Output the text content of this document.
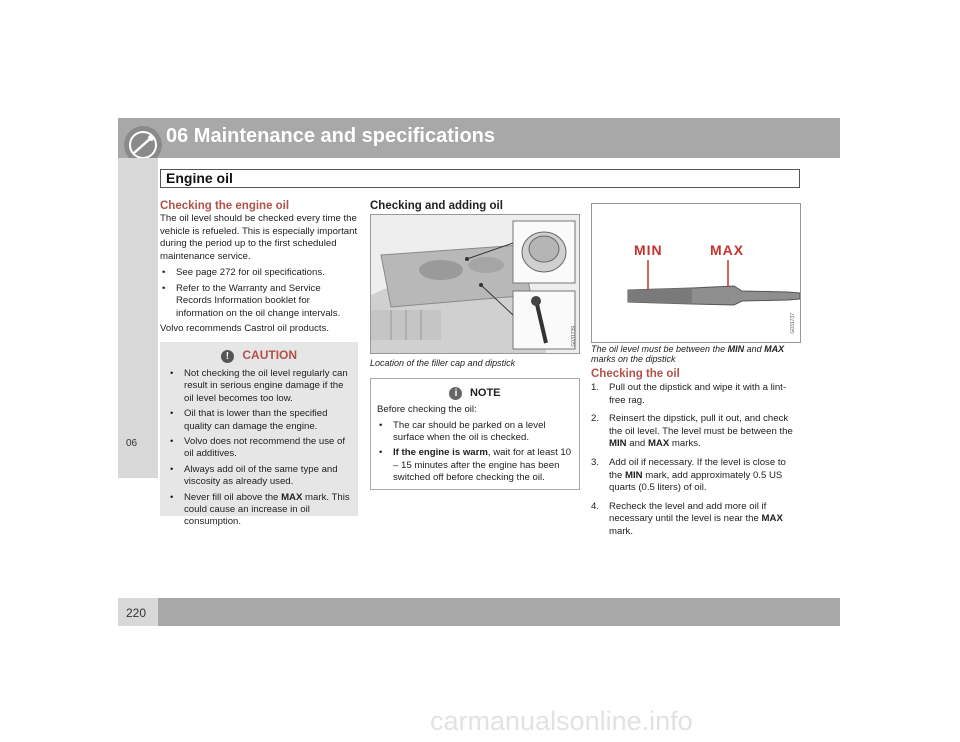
06 Maintenance and specifications
Engine oil
06
220
Checking the engine oil
The oil level should be checked every time the vehicle is refueled. This is especially important during the period up to the first scheduled maintenance service.
• See page 272 for oil specifications.
• Refer to the Warranty and Service Records Information booklet for information on the oil change intervals.
Volvo recommends Castrol oil products.
! CAUTION
• Not checking the oil level regularly can result in serious engine damage if the oil level becomes too low.
• Oil that is lower than the specified quality can damage the engine.
• Volvo does not recommend the use of oil additives.
• Always add oil of the same type and viscosity as already used.
• Never fill oil above the MAX mark. This could cause an increase in oil consumption.
Checking and adding oil
G031739
Location of the filler cap and dipstick
i NOTE
Before checking the oil:
• The car should be parked on a level surface when the oil is checked.
• If the engine is warm, wait for at least 10 – 15 minutes after the engine has been switched off before checking the oil.
MIN	MAX
G031737
The oil level must be between the MIN and MAX marks on the dipstick
Checking the oil
1. Pull out the dipstick and wipe it with a lint-free rag.
2. Reinsert the dipstick, pull it out, and check the oil level. The level must be between the MIN and MAX marks.
3. Add oil if necessary. If the level is close to the MIN mark, add approximately 0.5 US quarts (0.5 liters) of oil.
4. Recheck the level and add more oil if necessary until the level is near the MAX mark.
carmanualsonline.info
